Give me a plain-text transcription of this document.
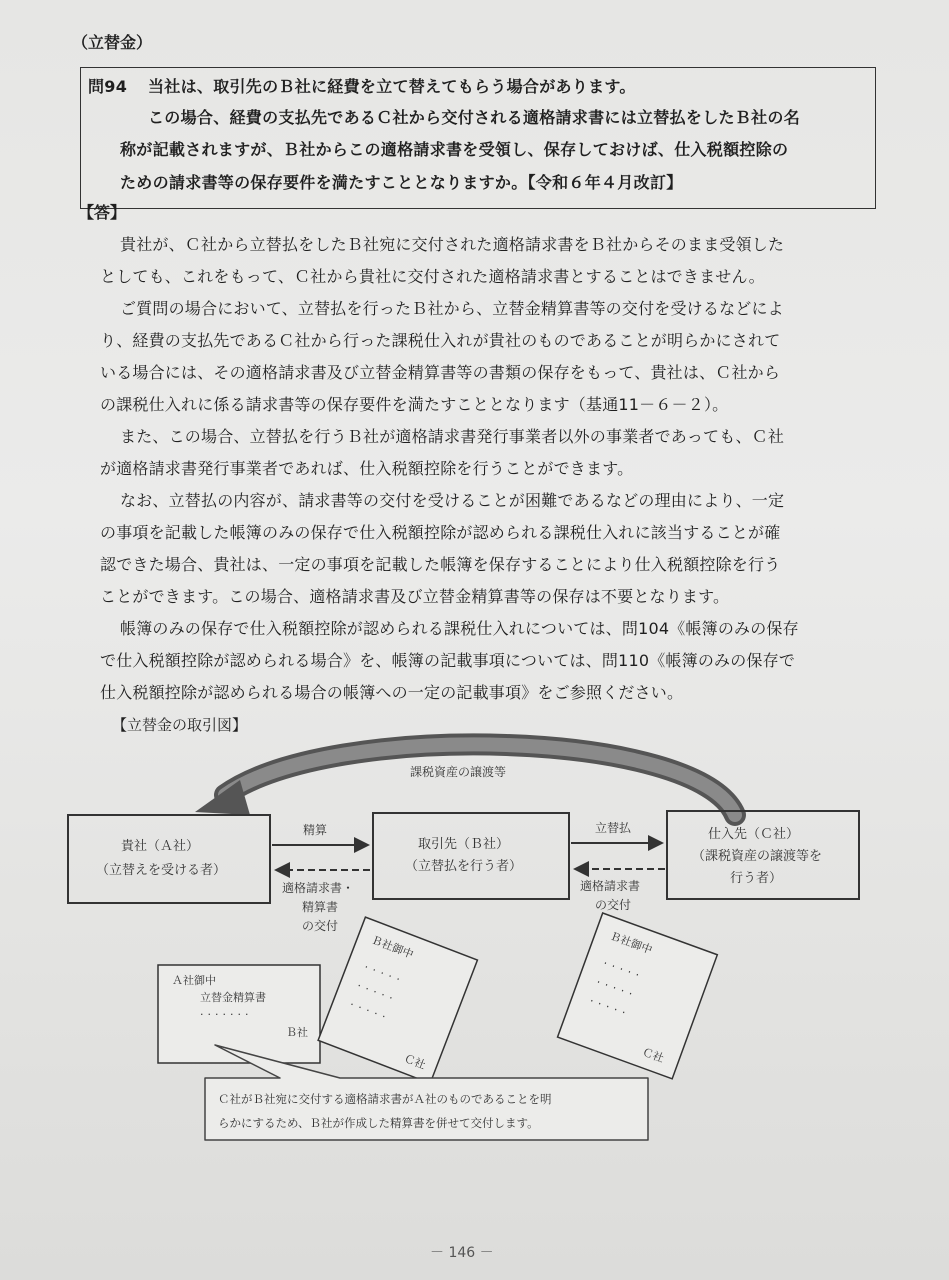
（立替金）
問94 当社は、取引先のＢ社に経費を立て替えてもらう場合があります。
この場合、経費の支払先であるＣ社から交付される適格請求書には立替払をしたＢ社の名
称が記載されますが、Ｂ社からこの適格請求書を受領し、保存しておけば、仕入税額控除の
ための請求書等の保存要件を満たすこととなりますか。【令和６年４月改訂】
【答】
貴社が、Ｃ社から立替払をしたＢ社宛に交付された適格請求書をＢ社からそのまま受領した
としても、これをもって、Ｃ社から貴社に交付された適格請求書とすることはできません。
ご質問の場合において、立替払を行ったＢ社から、立替金精算書等の交付を受けるなどによ
り、経費の支払先であるＣ社から行った課税仕入れが貴社のものであることが明らかにされて
いる場合には、その適格請求書及び立替金精算書等の書類の保存をもって、貴社は、Ｃ社から
の課税仕入れに係る請求書等の保存要件を満たすこととなります（基通11－６－２）。
また、この場合、立替払を行うＢ社が適格請求書発行事業者以外の事業者であっても、Ｃ社
が適格請求書発行事業者であれば、仕入税額控除を行うことができます。
なお、立替払の内容が、請求書等の交付を受けることが困難であるなどの理由により、一定
の事項を記載した帳簿のみの保存で仕入税額控除が認められる課税仕入れに該当することが確
認できた場合、貴社は、一定の事項を記載した帳簿を保存することにより仕入税額控除を行う
ことができます。この場合、適格請求書及び立替金精算書等の保存は不要となります。
帳簿のみの保存で仕入税額控除が認められる課税仕入れについては、問104《帳簿のみの保存
で仕入税額控除が認められる場合》を、帳簿の記載事項については、問110《帳簿のみの保存で
仕入税額控除が認められる場合の帳簿への一定の記載事項》をご参照ください。
【立替金の取引図】
課税資産の譲渡等
貴社（Ａ社）
（立替えを受ける者）
取引先（Ｂ社）
（立替払を行う者）
仕入先（Ｃ社）
（課税資産の譲渡等を
行う者）
精算
適格請求書・
精算書
の交付
立替払
適格請求書
の交付
Ａ社御中
立替金精算書
·······
Ｂ社
Ｂ社御中
·····
·····
·····
Ｃ社
Ｂ社御中
·····
·····
·····
Ｃ社
Ｃ社がＢ社宛に交付する適格請求書がＡ社のものであることを明
らかにするため、Ｂ社が作成した精算書を併せて交付します。
－ 146 －
